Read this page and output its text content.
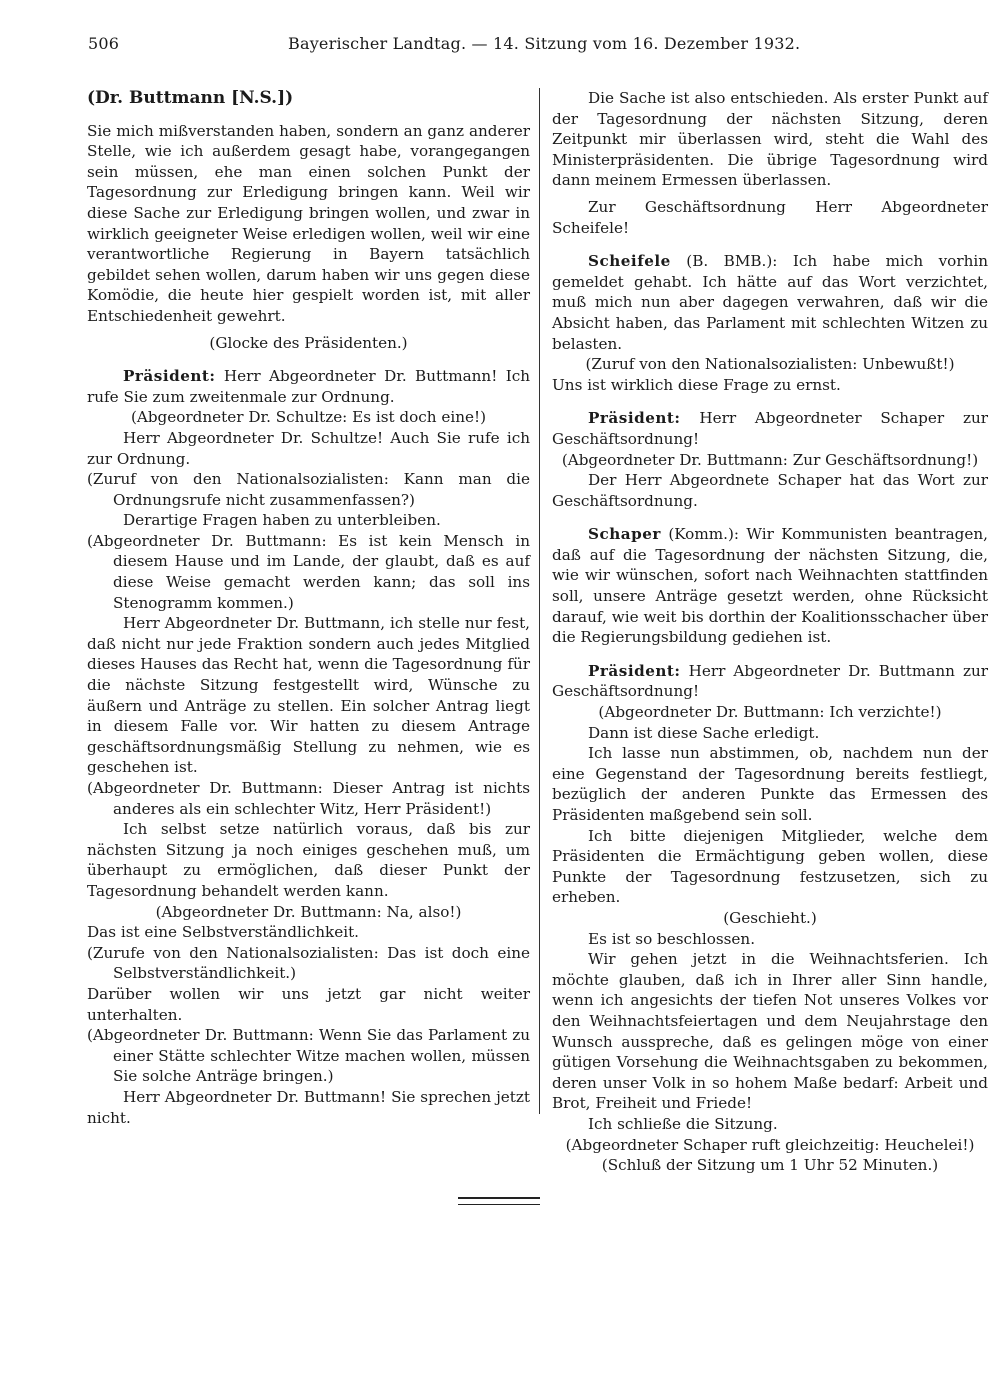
506	Bayerischer Landtag. — 14. Sitzung vom 16. Dezember 1932.

(Dr. Buttmann [N.S.])

Sie mich mißverstanden haben, sondern an ganz anderer Stelle, wie ich außerdem gesagt habe, vorangegangen sein müssen, ehe man einen solchen Punkt der Tagesordnung zur Erledigung bringen kann. Weil wir diese Sache zur Erledigung bringen wollen, und zwar in wirklich geeigneter Weise erledigen wollen, weil wir eine verantwortliche Regierung in Bayern tatsächlich gebildet sehen wollen, darum haben wir uns gegen diese Komödie, die heute hier gespielt worden ist, mit aller Entschiedenheit gewehrt.

(Glocke des Präsidenten.)

Präsident: Herr Abgeordneter Dr. Buttmann! Ich rufe Sie zum zweitenmale zur Ordnung.

(Abgeordneter Dr. Schultze: Es ist doch eine!)

Herr Abgeordneter Dr. Schultze! Auch Sie rufe ich zur Ordnung.

(Zuruf von den Nationalsozialisten: Kann man die Ordnungsrufe nicht zusammenfassen?)

Derartige Fragen haben zu unterbleiben.

(Abgeordneter Dr. Buttmann: Es ist kein Mensch in diesem Hause und im Lande, der glaubt, daß es auf diese Weise gemacht werden kann; das soll ins Stenogramm kommen.)

Herr Abgeordneter Dr. Buttmann, ich stelle nur fest, daß nicht nur jede Fraktion sondern auch jedes Mitglied dieses Hauses das Recht hat, wenn die Tagesordnung für die nächste Sitzung festgestellt wird, Wünsche zu äußern und Anträge zu stellen. Ein solcher Antrag liegt in diesem Falle vor. Wir hatten zu diesem Antrage geschäftsordnungsmäßig Stellung zu nehmen, wie es geschehen ist.

(Abgeordneter Dr. Buttmann: Dieser Antrag ist nichts anderes als ein schlechter Witz, Herr Präsident!)

Ich selbst setze natürlich voraus, daß bis zur nächsten Sitzung ja noch einiges geschehen muß, um überhaupt zu ermöglichen, daß dieser Punkt der Tagesordnung behandelt werden kann.

(Abgeordneter Dr. Buttmann: Na, also!)

Das ist eine Selbstverständlichkeit.

(Zurufe von den Nationalsozialisten: Das ist doch eine Selbstverständlichkeit.)

Darüber wollen wir uns jetzt gar nicht weiter unterhalten.

(Abgeordneter Dr. Buttmann: Wenn Sie das Parlament zu einer Stätte schlechter Witze machen wollen, müssen Sie solche Anträge bringen.)

Herr Abgeordneter Dr. Buttmann! Sie sprechen jetzt nicht.

Die Sache ist also entschieden. Als erster Punkt auf der Tagesordnung der nächsten Sitzung, deren Zeitpunkt mir überlassen wird, steht die Wahl des Ministerpräsidenten. Die übrige Tagesordnung wird dann meinem Ermessen überlassen.

Zur Geschäftsordnung Herr Abgeordneter Scheifele!

Scheifele (B. BMB.): Ich habe mich vorhin gemeldet gehabt. Ich hätte auf das Wort verzichtet, muß mich nun aber dagegen verwahren, daß wir die Absicht haben, das Parlament mit schlechten Witzen zu belasten.

(Zuruf von den Nationalsozialisten: Unbewußt!)

Uns ist wirklich diese Frage zu ernst.

Präsident: Herr Abgeordneter Schaper zur Geschäftsordnung!

(Abgeordneter Dr. Buttmann: Zur Geschäftsordnung!)

Der Herr Abgeordnete Schaper hat das Wort zur Geschäftsordnung.

Schaper (Komm.): Wir Kommunisten beantragen, daß auf die Tagesordnung der nächsten Sitzung, die, wie wir wünschen, sofort nach Weihnachten stattfinden soll, unsere Anträge gesetzt werden, ohne Rücksicht darauf, wie weit bis dorthin der Koalitionsschacher über die Regierungsbildung gediehen ist.

Präsident: Herr Abgeordneter Dr. Buttmann zur Geschäftsordnung!

(Abgeordneter Dr. Buttmann: Ich verzichte!)

Dann ist diese Sache erledigt.

Ich lasse nun abstimmen, ob, nachdem nun der eine Gegenstand der Tagesordnung bereits festliegt, bezüglich der anderen Punkte das Ermessen des Präsidenten maßgebend sein soll.

Ich bitte diejenigen Mitglieder, welche dem Präsidenten die Ermächtigung geben wollen, diese Punkte der Tagesordnung festzusetzen, sich zu erheben.

(Geschieht.)

Es ist so beschlossen.

Wir gehen jetzt in die Weihnachtsferien. Ich möchte glauben, daß ich in Ihrer aller Sinn handle, wenn ich angesichts der tiefen Not unseres Volkes vor den Weihnachtsfeiertagen und dem Neujahrstage den Wunsch ausspreche, daß es gelingen möge von einer gütigen Vorsehung die Weihnachtsgaben zu bekommen, deren unser Volk in so hohem Maße bedarf: Arbeit und Brot, Freiheit und Friede!

Ich schließe die Sitzung.

(Abgeordneter Schaper ruft gleichzeitig: Heuchelei!)

(Schluß der Sitzung um 1 Uhr 52 Minuten.)
